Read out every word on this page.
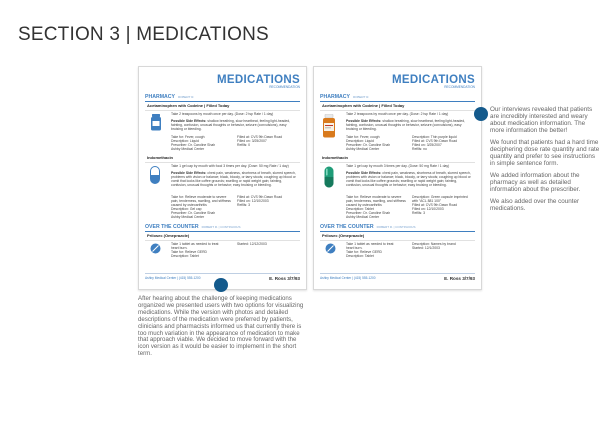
SECTION 3 | MEDICATIONS
MEDICATIONS
RECOMMENDATION
PHARMACY ROBERT R.
Acetaminophen with Codeine | Filled Today
Take 2 teaspoons by mouth once per day. (Dose: 2 tsp Rate / 1 day)
Possible Side Effects: shallow breathing, slow heartbeat, feeling light-headed, fainting, confusion, unusual thoughts or behavior, seizure (convulsions), easy bruising or bleeding.
Take for: Fever, cough
Description: Liquid
Prescriber: Dr. Caroline Shah
Ashby Medical Center
Filled at: CVS 9th Dawn Road
Filled on: 3/25/2007
Refills: 0
Indomethacin
Take 1 gel cap by mouth with food 3 times per day. (Dose: 50 mg Rate / 1 day)
Possible Side Effects: chest pain, weakness, shortness of breath, slurred speech, problems with vision or balance; black, bloody, or tarry stools; coughing up blood or vomit that looks like coffee grounds; swelling or rapid weight gain; fainting, confusion, unusual thoughts or behavior; easy bruising or bleeding.
Take for: Relieve moderate to severe pain, tenderness, swelling, and stiffness caused by osteoarthritis
Description: Gel cap
Prescriber: Dr. Caroline Shah
Ashby Medical Center
Filled at: CVS 9th Dawn Road
Filled on: 12/10/2003
Refills: 3
OVER THE COUNTER ROBERT R. | CONTINUOUS
Prilosec (Omeprazole)
Take 1 tablet as needed to treat heart burn.
Take for: Relieve GERD
Description: Tablet
Started: 12/12/2003
Ashby Medical Center | (415) 555-1200	E. Ross 3/7/93
MEDICATIONS
RECOMMENDATION
PHARMACY ROBERT R.
Acetaminophen with Codeine | Filled Today
Take 2 teaspoons by mouth once per day. (Dose: 2 tsp Rate / 1 day)
Possible Side Effects: shallow breathing, slow heartbeat, feeling light-headed, fainting, confusion, unusual thoughts or behavior, seizure (convulsions), easy bruising or bleeding.
Take for: Fever, cough
Description: Liquid
Prescriber: Dr. Caroline Shah
Ashby Medical Center
Description: Thin purple liquid
Filled at: CVS 9th Dawn Road
Filled on: 3/25/2007
Refills: no
Indomethacin
Take 1 gel cap by mouth 3 times per day. (Dose: 50 mg Rate / 1 day)
Possible Side Effects: chest pain, weakness, shortness of breath, slurred speech, problems with vision or balance; black, bloody, or tarry stools; coughing up blood or vomit that looks like coffee grounds; swelling or rapid weight gain; fainting, confusion, unusual thoughts or behavior; easy bruising or bleeding.
Take for: Relieve moderate to severe pain, tenderness, swelling, and stiffness caused by osteoarthritis
Description: Tablet
Prescriber: Dr. Caroline Shah
Ashby Medical Center
Description: Green capsule imprinted with "ACL 881 100"
Filled at: CVS 9th Dawn Road
Filled on: 12/10/2003
Refills: 3
OVER THE COUNTER ROBERT R. | CONTINUOUS
Prilosec (Omeprazole)
Take 1 tablet as needed to treat heart burn.
Take for: Relieve GERD
Description: Tablet
Description: Names by brand
Started: 12/1/2003
Ashby Medical Center | (415) 555-1200	E. Ross 3/7/93

Our interviews revealed that patients are incredibly interested and weary about medication information. The more information the better!

We found that patients had a hard time deciphering dose rate quantity and rate quantity and prefer to see instructions in simple sentence form.

We added information about the pharmacy as well as detailed information about the prescriber.

We also added over the counter medications.

After hearing about the challenge of keeping medications organized we presented users with two options for visualizing medications. While the version with photos and detailed descriptions of the medication were preferred by patients, clinicians and pharmacists informed us that currently there is too much variation in the appearance of medication to make that approach viable. We decided to move forward with the icon version as it would be easier to implement in the short term.
